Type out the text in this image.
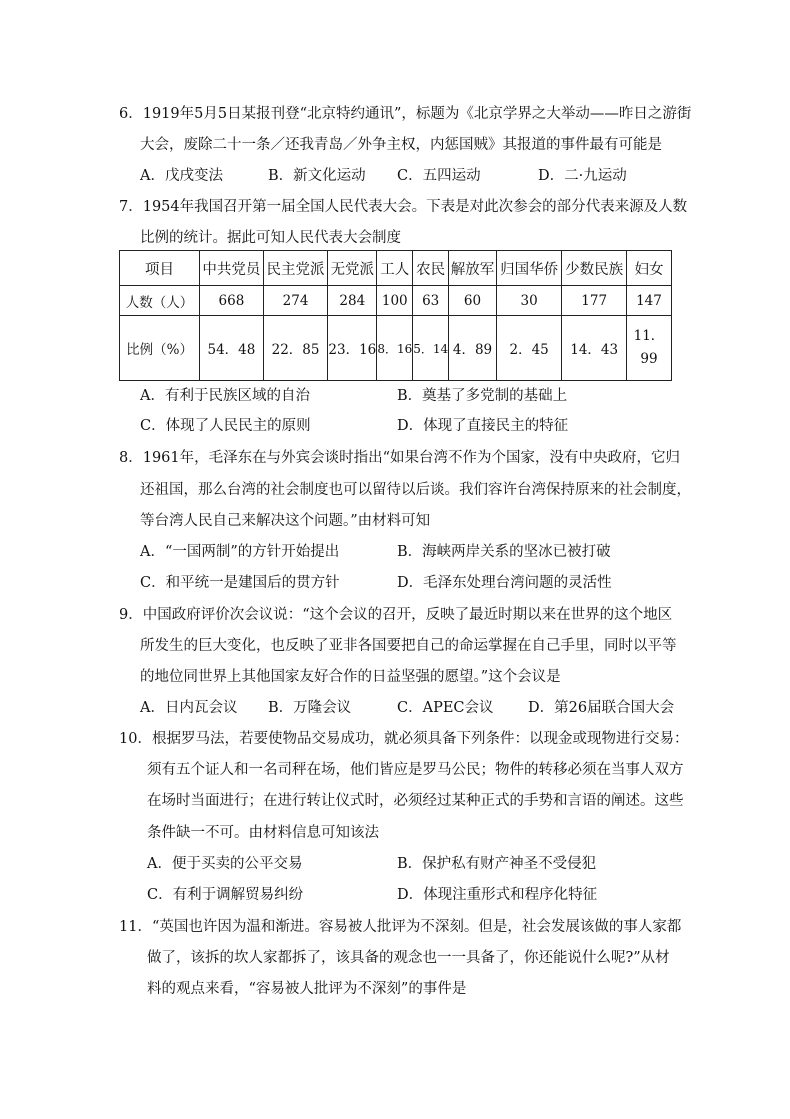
6．1919年5月5日某报刊登“北京特约通讯”，标题为《北京学界之大举动——昨日之游街
大会，废除二十一条／还我青岛／外争主权，内惩国贼》其报道的事件最有可能是
A．戊戌变法	B．新文化运动 C．五四运动	D．二·九运动
7．1954年我国召开第一届全国人民代表大会。下表是对此次参会的部分代表来源及人数
比例的统计。据此可知人民代表大会制度
项目	中共党员	民主党派	无党派	工人	农民	解放军	归国华侨	少数民族	妇女
人数（人）	668	274	284	100	63	60	30	177	147
比例（%）	54．48	22．85	23．16	8．16	5．14	4．89	2．45	14．43	11．99
A．有利于民族区域的自治	B．奠基了多党制的基础上
C．体现了人民民主的原则	D．体现了直接民主的特征
8．1961年，毛泽东在与外宾会谈时指出“如果台湾不作为个国家，没有中央政府，它归
还祖国，那么台湾的社会制度也可以留待以后谈。我们容许台湾保持原来的社会制度，
等台湾人民自己来解决这个问题。”由材料可知
A．“一国两制”的方针开始提出	B．海峡两岸关系的坚冰已被打破
C．和平统一是建国后的贯方针	D．毛泽东处理台湾问题的灵活性
9．中国政府评价次会议说：“这个会议的召开，反映了最近时期以来在世界的这个地区
所发生的巨大变化，也反映了亚非各国要把自己的命运掌握在自己手里，同时以平等
的地位同世界上其他国家友好合作的日益坚强的愿望。”这个会议是
A．日内瓦会议 B．万隆会议	C．APEC会议 D．第26届联合国大会
10．根据罗马法，若要使物品交易成功，就必须具备下列条件：以现金或现物进行交易：
须有五个证人和一名司秤在场，他们皆应是罗马公民；物件的转移必须在当事人双方
在场时当面进行；在进行转让仪式时，必须经过某种正式的手势和言语的阐述。这些
条件缺一不可。由材料信息可知该法
A．便于买卖的公平交易	B．保护私有财产神圣不受侵犯
C．有利于调解贸易纠纷	D．体现注重形式和程序化特征
11．“英国也许因为温和渐进。容易被人批评为不深刻。但是，社会发展该做的事人家都
做了，该拆的坎人家都拆了，该具备的观念也一一具备了，你还能说什么呢?”从材
料的观点来看，“容易被人批评为不深刻”的事件是
